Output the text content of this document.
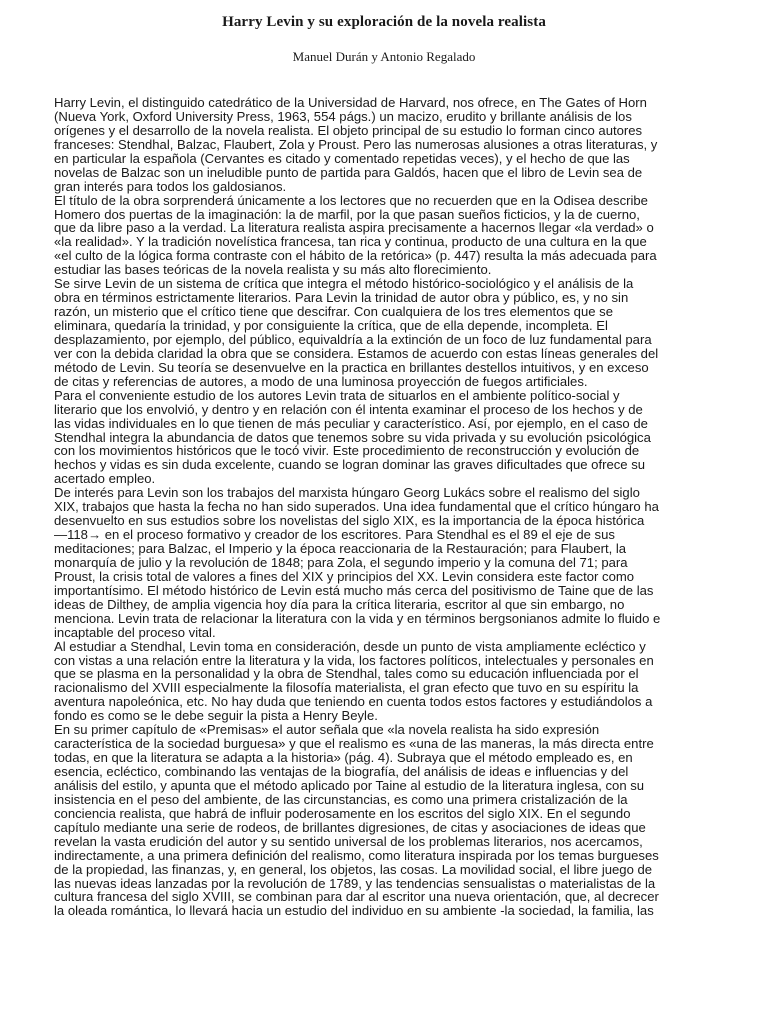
Harry Levin y su exploración de la novela realista
Manuel Durán y Antonio Regalado
Harry Levin, el distinguido catedrático de la Universidad de Harvard, nos ofrece, en The Gates of Horn
(Nueva York, Oxford University Press, 1963, 554 págs.) un macizo, erudito y brillante análisis de los
orígenes y el desarrollo de la novela realista. El objeto principal de su estudio lo forman cinco autores
franceses: Stendhal, Balzac, Flaubert, Zola y Proust. Pero las numerosas alusiones a otras literaturas, y
en particular la española (Cervantes es citado y comentado repetidas veces), y el hecho de que las
novelas de Balzac son un ineludible punto de partida para Galdós, hacen que el libro de Levin sea de
gran interés para todos los galdosianos.
El título de la obra sorprenderá únicamente a los lectores que no recuerden que en la Odisea describe
Homero dos puertas de la imaginación: la de marfil, por la que pasan sueños ficticios, y la de cuerno,
que da libre paso a la verdad. La literatura realista aspira precisamente a hacernos llegar «la verdad» o
«la realidad». Y la tradición novelística francesa, tan rica y continua, producto de una cultura en la que
«el culto de la lógica forma contraste con el hábito de la retórica» (p. 447) resulta la más adecuada para
estudiar las bases teóricas de la novela realista y su más alto florecimiento.
Se sirve Levin de un sistema de crítica que integra el método histórico-sociológico y el análisis de la
obra en términos estrictamente literarios. Para Levin la trinidad de autor obra y público, es, y no sin
razón, un misterio que el crítico tiene que descifrar. Con cualquiera de los tres elementos que se
eliminara, quedaría la trinidad, y por consiguiente la crítica, que de ella depende, incompleta. El
desplazamiento, por ejemplo, del público, equivaldría a la extinción de un foco de luz fundamental para
ver con la debida claridad la obra que se considera. Estamos de acuerdo con estas líneas generales del
método de Levin. Su teoría se desenvuelve en la practica en brillantes destellos intuitivos, y en exceso
de citas y referencias de autores, a modo de una luminosa proyección de fuegos artificiales.
Para el conveniente estudio de los autores Levin trata de situarlos en el ambiente político-social y
literario que los envolvió, y dentro y en relación con él intenta examinar el proceso de los hechos y de
las vidas individuales en lo que tienen de más peculiar y característico. Así, por ejemplo, en el caso de
Stendhal integra la abundancia de datos que tenemos sobre su vida privada y su evolución psicológica
con los movimientos históricos que le tocó vivir. Este procedimiento de reconstrucción y evolución de
hechos y vidas es sin duda excelente, cuando se logran dominar las graves dificultades que ofrece su
acertado empleo.
De interés para Levin son los trabajos del marxista húngaro Georg Lukács sobre el realismo del siglo
XIX, trabajos que hasta la fecha no han sido superados. Una idea fundamental que el crítico húngaro ha
desenvuelto en sus estudios sobre los novelistas del siglo XIX, es la importancia de la época histórica
—118→ en el proceso formativo y creador de los escritores. Para Stendhal es el 89 el eje de sus
meditaciones; para Balzac, el Imperio y la época reaccionaria de la Restauración; para Flaubert, la
monarquía de julio y la revolución de 1848; para Zola, el segundo imperio y la comuna del 71; para
Proust, la crisis total de valores a fines del XIX y principios del XX. Levin considera este factor como
importantísimo. El método histórico de Levin está mucho más cerca del positivismo de Taine que de las
ideas de Dilthey, de amplia vigencia hoy día para la crítica literaria, escritor al que sin embargo, no
menciona. Levin trata de relacionar la literatura con la vida y en términos bergsonianos admite lo fluido e
incaptable del proceso vital.
Al estudiar a Stendhal, Levin toma en consideración, desde un punto de vista ampliamente ecléctico y
con vistas a una relación entre la literatura y la vida, los factores políticos, intelectuales y personales en
que se plasma en la personalidad y la obra de Stendhal, tales como su educación influenciada por el
racionalismo del XVIII especialmente la filosofía materialista, el gran efecto que tuvo en su espíritu la
aventura napoleónica, etc. No hay duda que teniendo en cuenta todos estos factores y estudiándolos a
fondo es como se le debe seguir la pista a Henry Beyle.
En su primer capítulo de «Premisas» el autor señala que «la novela realista ha sido expresión
característica de la sociedad burguesa» y que el realismo es «una de las maneras, la más directa entre
todas, en que la literatura se adapta a la historia» (pág. 4). Subraya que el método empleado es, en
esencia, ecléctico, combinando las ventajas de la biografía, del análisis de ideas e influencias y del
análisis del estilo, y apunta que el método aplicado por Taine al estudio de la literatura inglesa, con su
insistencia en el peso del ambiente, de las circunstancias, es como una primera cristalización de la
conciencia realista, que habrá de influir poderosamente en los escritos del siglo XIX. En el segundo
capítulo mediante una serie de rodeos, de brillantes digresiones, de citas y asociaciones de ideas que
revelan la vasta erudición del autor y su sentido universal de los problemas literarios, nos acercamos,
indirectamente, a una primera definición del realismo, como literatura inspirada por los temas burgueses
de la propiedad, las finanzas, y, en general, los objetos, las cosas. La movilidad social, el libre juego de
las nuevas ideas lanzadas por la revolución de 1789, y las tendencias sensualistas o materialistas de la
cultura francesa del siglo XVIII, se combinan para dar al escritor una nueva orientación, que, al decrecer
la oleada romántica, lo llevará hacia un estudio del individuo en su ambiente -la sociedad, la familia, las
